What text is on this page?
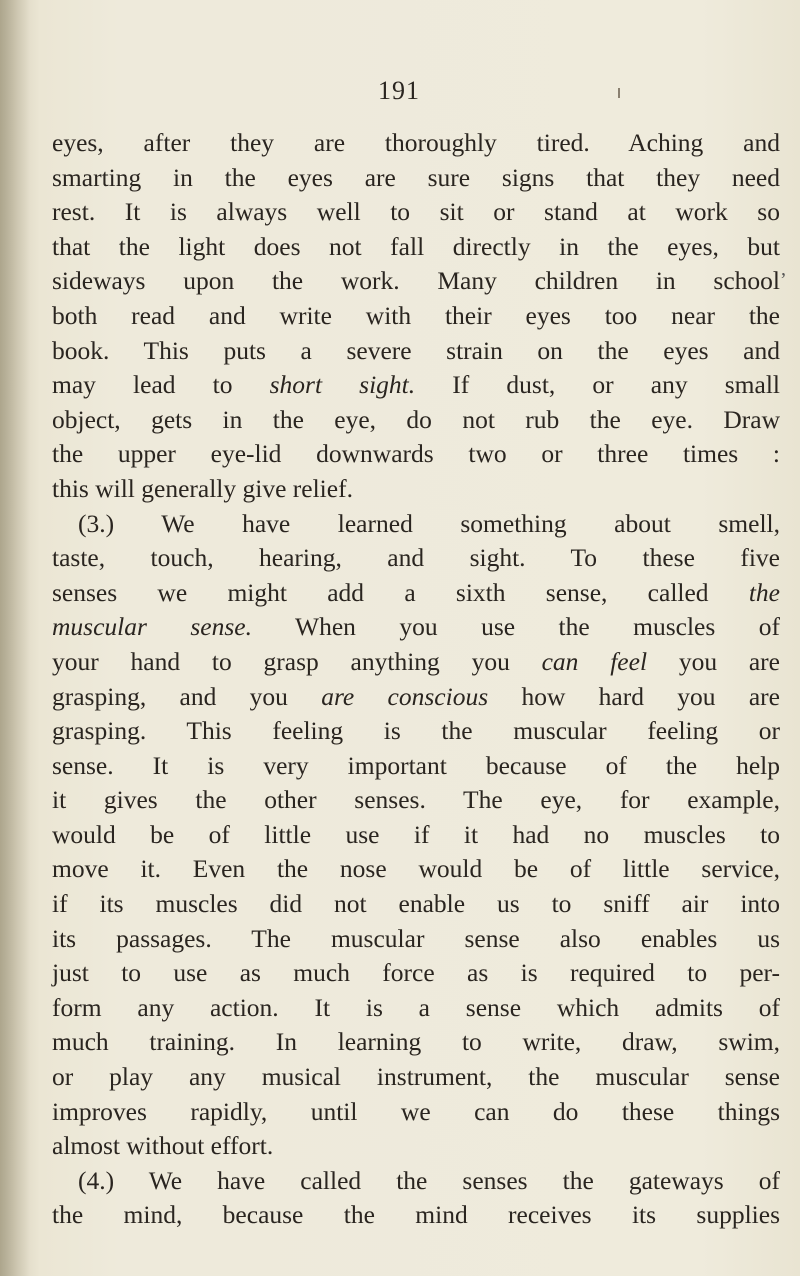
191
,
eyes, after they are thoroughly tired. Aching and
smarting in the eyes are sure signs that they need
rest. It is always well to sit or stand at work so
that the light does not fall directly in the eyes, but
sideways upon the work. Many children in school
both read and write with their eyes too near the
book. This puts a severe strain on the eyes and
may lead to short sight. If dust, or any small
object, gets in the eye, do not rub the eye. Draw
the upper eye-lid downwards two or three times :
this will generally give relief.
(3.) We have learned something about smell,
taste, touch, hearing, and sight. To these five
senses we might add a sixth sense, called the
muscular sense. When you use the muscles of
your hand to grasp anything you can feel you are
grasping, and you are conscious how hard you are
grasping. This feeling is the muscular feeling or
sense. It is very important because of the help
it gives the other senses. The eye, for example,
would be of little use if it had no muscles to
move it. Even the nose would be of little service,
if its muscles did not enable us to sniff air into
its passages. The muscular sense also enables us
just to use as much force as is required to per-
form any action. It is a sense which admits of
much training. In learning to write, draw, swim,
or play any musical instrument, the muscular sense
improves rapidly, until we can do these things
almost without effort.
(4.) We have called the senses the gateways of
the mind, because the mind receives its supplies
